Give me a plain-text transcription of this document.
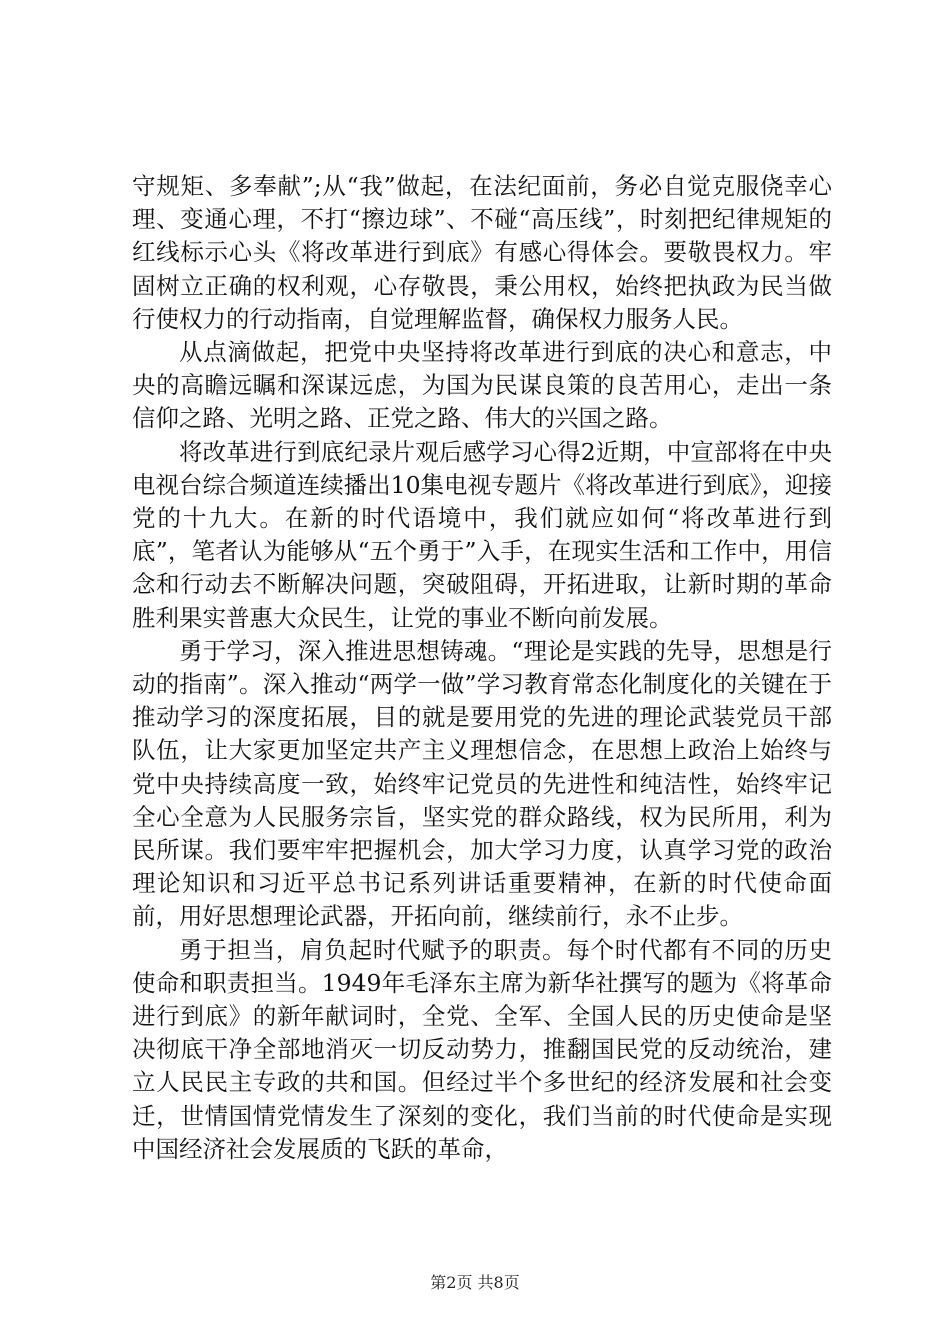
守规矩、多奉献”;从“我”做起，在法纪面前，务必自觉克服侥幸心理、变通心理，不打“擦边球”、不碰“高压线”，时刻把纪律规矩的红线标示心头《将改革进行到底》有感心得体会。要敬畏权力。牢固树立正确的权利观，心存敬畏，秉公用权，始终把执政为民当做行使权力的行动指南，自觉理解监督，确保权力服务人民。

从点滴做起，把党中央坚持将改革进行到底的决心和意志，中央的高瞻远瞩和深谋远虑，为国为民谋良策的良苦用心，走出一条信仰之路、光明之路、正党之路、伟大的兴国之路。

将改革进行到底纪录片观后感学习心得2近期，中宣部将在中央电视台综合频道连续播出10集电视专题片《将改革进行到底》，迎接党的十九大。在新的时代语境中，我们就应如何“将改革进行到底”，笔者认为能够从“五个勇于”入手，在现实生活和工作中，用信念和行动去不断解决问题，突破阻碍，开拓进取，让新时期的革命胜利果实普惠大众民生，让党的事业不断向前发展。

勇于学习，深入推进思想铸魂。“理论是实践的先导，思想是行动的指南”。深入推动“两学一做”学习教育常态化制度化的关键在于推动学习的深度拓展，目的就是要用党的先进的理论武装党员干部队伍，让大家更加坚定共产主义理想信念，在思想上政治上始终与党中央持续高度一致，始终牢记党员的先进性和纯洁性，始终牢记全心全意为人民服务宗旨，坚实党的群众路线，权为民所用，利为民所谋。我们要牢牢把握机会，加大学习力度，认真学习党的政治理论知识和习近平总书记系列讲话重要精神，在新的时代使命面前，用好思想理论武器，开拓向前，继续前行，永不止步。

勇于担当，肩负起时代赋予的职责。每个时代都有不同的历史使命和职责担当。1949年毛泽东主席为新华社撰写的题为《将革命进行到底》的新年献词时，全党、全军、全国人民的历史使命是坚决彻底干净全部地消灭一切反动势力，推翻国民党的反动统治，建立人民民主专政的共和国。但经过半个多世纪的经济发展和社会变迁，世情国情党情发生了深刻的变化，我们当前的时代使命是实现中国经济社会发展质的飞跃的革命，

第2页 共8页
